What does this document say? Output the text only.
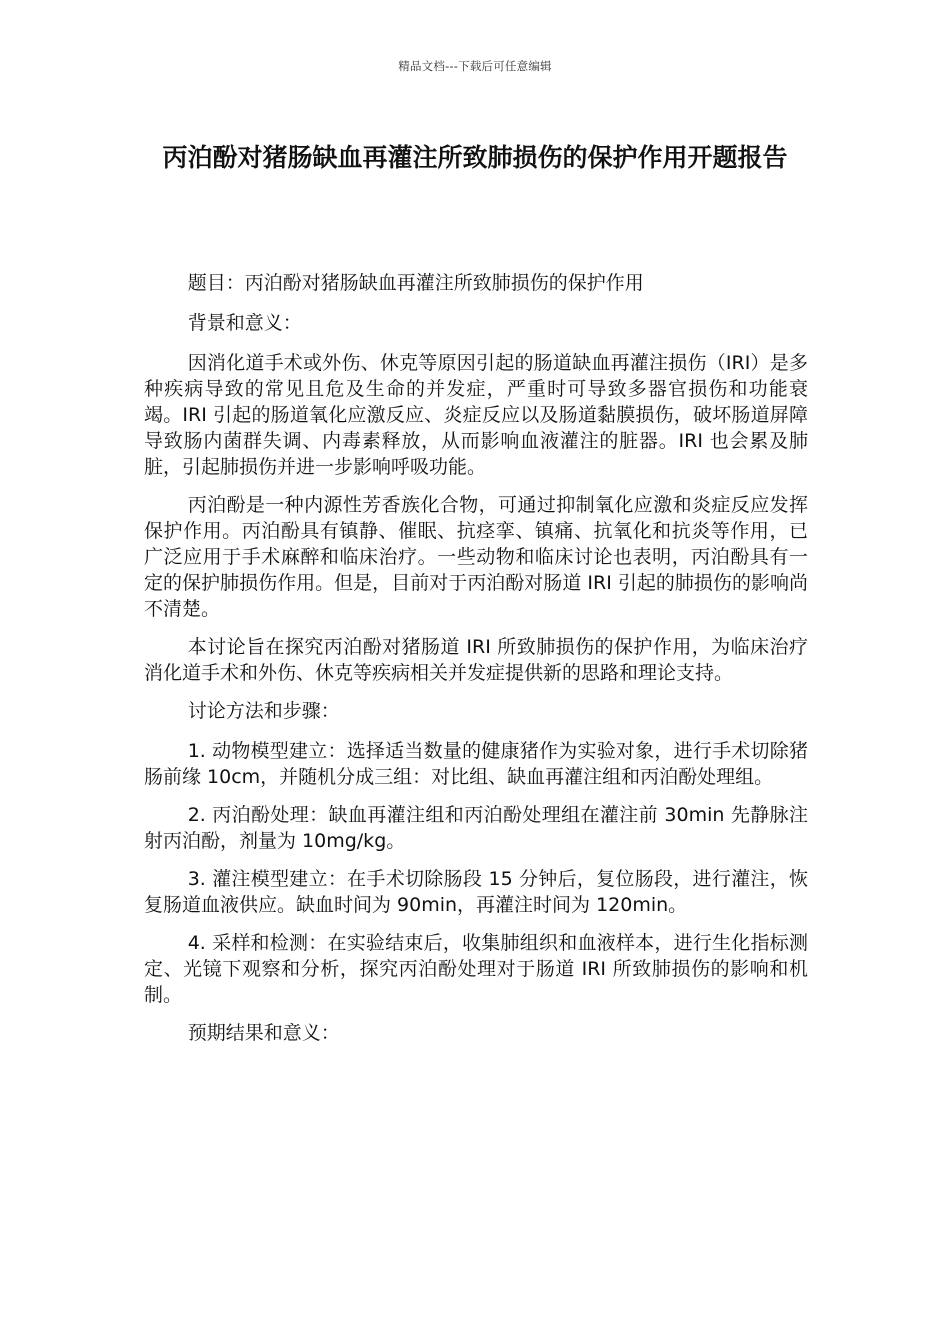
精品文档---下载后可任意编辑
丙泊酚对猪肠缺血再灌注所致肺损伤的保护作用开题报告

题目：丙泊酚对猪肠缺血再灌注所致肺损伤的保护作用

背景和意义：

因消化道手术或外伤、休克等原因引起的肠道缺血再灌注损伤（IRI）是多种疾病导致的常见且危及生命的并发症，严重时可导致多器官损伤和功能衰竭。IRI 引起的肠道氧化应激反应、炎症反应以及肠道黏膜损伤，破坏肠道屏障导致肠内菌群失调、内毒素释放，从而影响血液灌注的脏器。IRI 也会累及肺脏，引起肺损伤并进一步影响呼吸功能。

丙泊酚是一种内源性芳香族化合物，可通过抑制氧化应激和炎症反应发挥保护作用。丙泊酚具有镇静、催眠、抗痉挛、镇痛、抗氧化和抗炎等作用，已广泛应用于手术麻醉和临床治疗。一些动物和临床讨论也表明，丙泊酚具有一定的保护肺损伤作用。但是，目前对于丙泊酚对肠道 IRI 引起的肺损伤的影响尚不清楚。

本讨论旨在探究丙泊酚对猪肠道 IRI 所致肺损伤的保护作用，为临床治疗消化道手术和外伤、休克等疾病相关并发症提供新的思路和理论支持。

讨论方法和步骤：

1. 动物模型建立：选择适当数量的健康猪作为实验对象，进行手术切除猪肠前缘 10cm，并随机分成三组：对比组、缺血再灌注组和丙泊酚处理组。

2. 丙泊酚处理：缺血再灌注组和丙泊酚处理组在灌注前 30min 先静脉注射丙泊酚，剂量为 10mg/kg。

3. 灌注模型建立：在手术切除肠段 15 分钟后，复位肠段，进行灌注，恢复肠道血液供应。缺血时间为 90min，再灌注时间为 120min。

4. 采样和检测：在实验结束后，收集肺组织和血液样本，进行生化指标测定、光镜下观察和分析，探究丙泊酚处理对于肠道 IRI 所致肺损伤的影响和机制。

预期结果和意义：
